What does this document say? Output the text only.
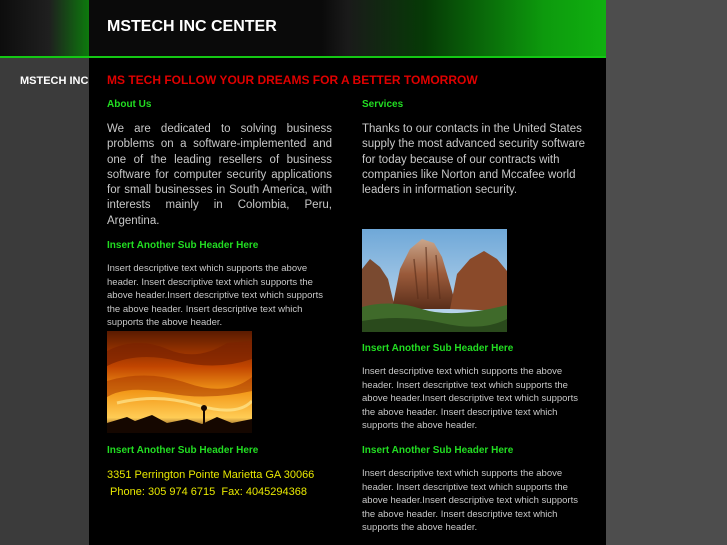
MSTECH INC CENTER
MSTECH INC MS TECH FOLLOW YOUR DREAMS FOR A BETTER TOMORROW
About Us

We are dedicated to solving business problems on a software-implemented and one of the leading resellers of business software for computer security applications for small businesses in South America, with interests mainly in Colombia, Peru, Argentina.

Insert Another Sub Header Here

Insert descriptive text which supports the above header. Insert descriptive text which supports the above header.Insert descriptive text which supports the above header. Insert descriptive text which supports the above header.

Insert Another Sub Header Here
3351 Perrington Pointe Marietta GA 30066
Phone: 305 974 6715  Fax: 4045294368
Services

Thanks to our contacts in the United States supply the most advanced security software for today because of our contracts with companies like Norton and Mccafee world leaders in information security.

Insert Another Sub Header Here

Insert descriptive text which supports the above header. Insert descriptive text which supports the above header.Insert descriptive text which supports the above header. Insert descriptive text which supports the above header.

Insert Another Sub Header Here

Insert descriptive text which supports the above header. Insert descriptive text which supports the above header.Insert descriptive text which supports the above header. Insert descriptive text which supports the above header.
